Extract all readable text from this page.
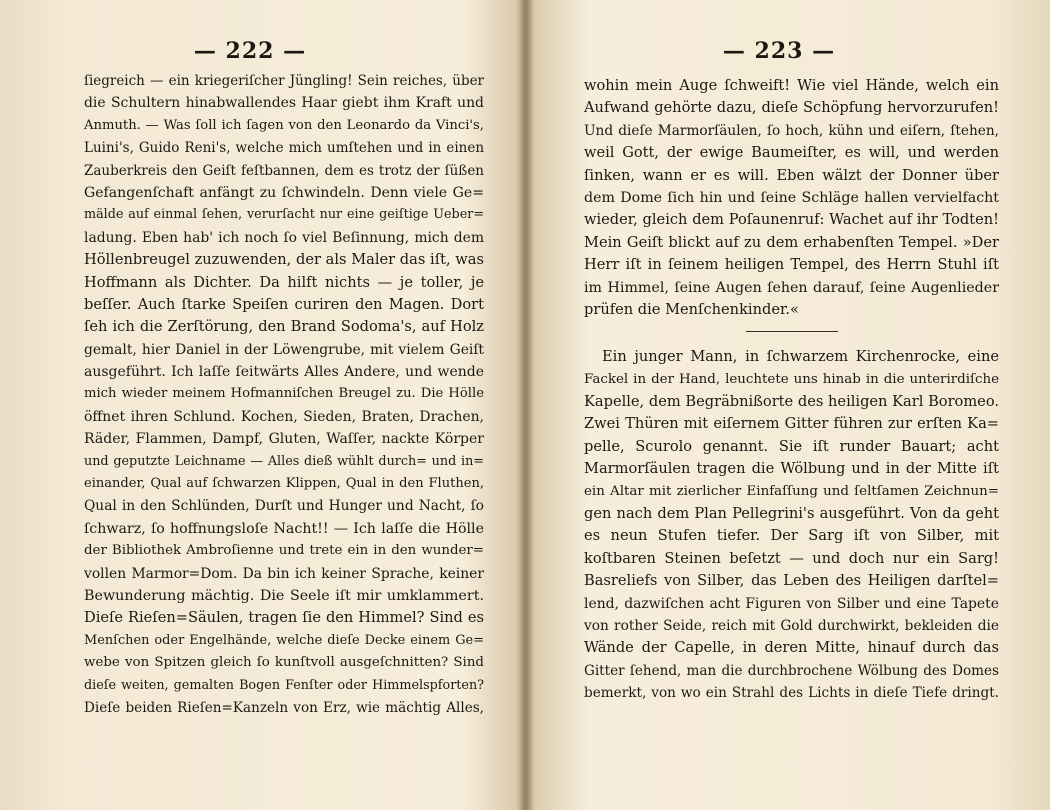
— 222 —
ſiegreich — ein kriegeriſcher Jüngling! Sein reiches, über
die Schultern hinabwallendes Haar giebt ihm Kraft und
Anmuth. — Was ſoll ich ſagen von den Leonardo da Vinci's,
Luini's, Guido Reni's, welche mich umſtehen und in einen
Zauberkreis den Geiſt feſtbannen, dem es trotz der ſüßen
Gefangenſchaft anfängt zu ſchwindeln. Denn viele Ge=
mälde auf einmal ſehen, verurſacht nur eine geiſtige Ueber=
ladung. Eben hab' ich noch ſo viel Beſinnung, mich dem
Höllenbreugel zuzuwenden, der als Maler das iſt, was
Hoffmann als Dichter. Da hilft nichts — je toller, je
beſſer. Auch ſtarke Speiſen curiren den Magen. Dort
ſeh ich die Zerſtörung, den Brand Sodoma's, auf Holz
gemalt, hier Daniel in der Löwengrube, mit vielem Geiſt
ausgeführt. Ich laſſe ſeitwärts Alles Andere, und wende
mich wieder meinem Hofmanniſchen Breugel zu. Die Hölle
öffnet ihren Schlund. Kochen, Sieden, Braten, Drachen,
Räder, Flammen, Dampf, Gluten, Waſſer, nackte Körper
und geputzte Leichname — Alles dieß wühlt durch= und in=
einander, Qual auf ſchwarzen Klippen, Qual in den Fluthen,
Qual in den Schlünden, Durſt und Hunger und Nacht, ſo
ſchwarz, ſo hoffnungsloſe Nacht!! — Ich laſſe die Hölle
der Bibliothek Ambroſienne und trete ein in den wunder=
vollen Marmor=Dom. Da bin ich keiner Sprache, keiner
Bewunderung mächtig. Die Seele iſt mir umklammert.
Dieſe Rieſen=Säulen, tragen ſie den Himmel? Sind es
Menſchen oder Engelhände, welche dieſe Decke einem Ge=
webe von Spitzen gleich ſo kunſtvoll ausgeſchnitten? Sind
dieſe weiten, gemalten Bogen Fenſter oder Himmelspforten?
Dieſe beiden Rieſen=Kanzeln von Erz, wie mächtig Alles,
— 223 —
wohin mein Auge ſchweift! Wie viel Hände, welch ein
Aufwand gehörte dazu, dieſe Schöpfung hervorzurufen!
Und dieſe Marmorſäulen, ſo hoch, kühn und eiſern, ſtehen,
weil Gott, der ewige Baumeiſter, es will, und werden
ſinken, wann er es will. Eben wälzt der Donner über
dem Dome ſich hin und ſeine Schläge hallen vervielfacht
wieder, gleich dem Poſaunenruf: Wachet auf ihr Todten!
Mein Geiſt blickt auf zu dem erhabenſten Tempel. »Der
Herr iſt in ſeinem heiligen Tempel, des Herrn Stuhl iſt
im Himmel, ſeine Augen ſehen darauf, ſeine Augenlieder
prüfen die Menſchenkinder.«
Ein junger Mann, in ſchwarzem Kirchenrocke, eine
Fackel in der Hand, leuchtete uns hinab in die unterirdiſche
Kapelle, dem Begräbnißorte des heiligen Karl Boromeo.
Zwei Thüren mit eiſernem Gitter führen zur erſten Ka=
pelle, Scurolo genannt. Sie iſt runder Bauart; acht
Marmorſäulen tragen die Wölbung und in der Mitte iſt
ein Altar mit zierlicher Einfaſſung und ſeltſamen Zeichnun=
gen nach dem Plan Pellegrini's ausgeführt. Von da geht
es neun Stufen tiefer. Der Sarg iſt von Silber, mit
koſtbaren Steinen beſetzt — und doch nur ein Sarg!
Basreliefs von Silber, das Leben des Heiligen darſtel=
lend, dazwiſchen acht Figuren von Silber und eine Tapete
von rother Seide, reich mit Gold durchwirkt, bekleiden die
Wände der Capelle, in deren Mitte, hinauf durch das
Gitter ſehend, man die durchbrochene Wölbung des Domes
bemerkt, von wo ein Strahl des Lichts in dieſe Tiefe dringt.
